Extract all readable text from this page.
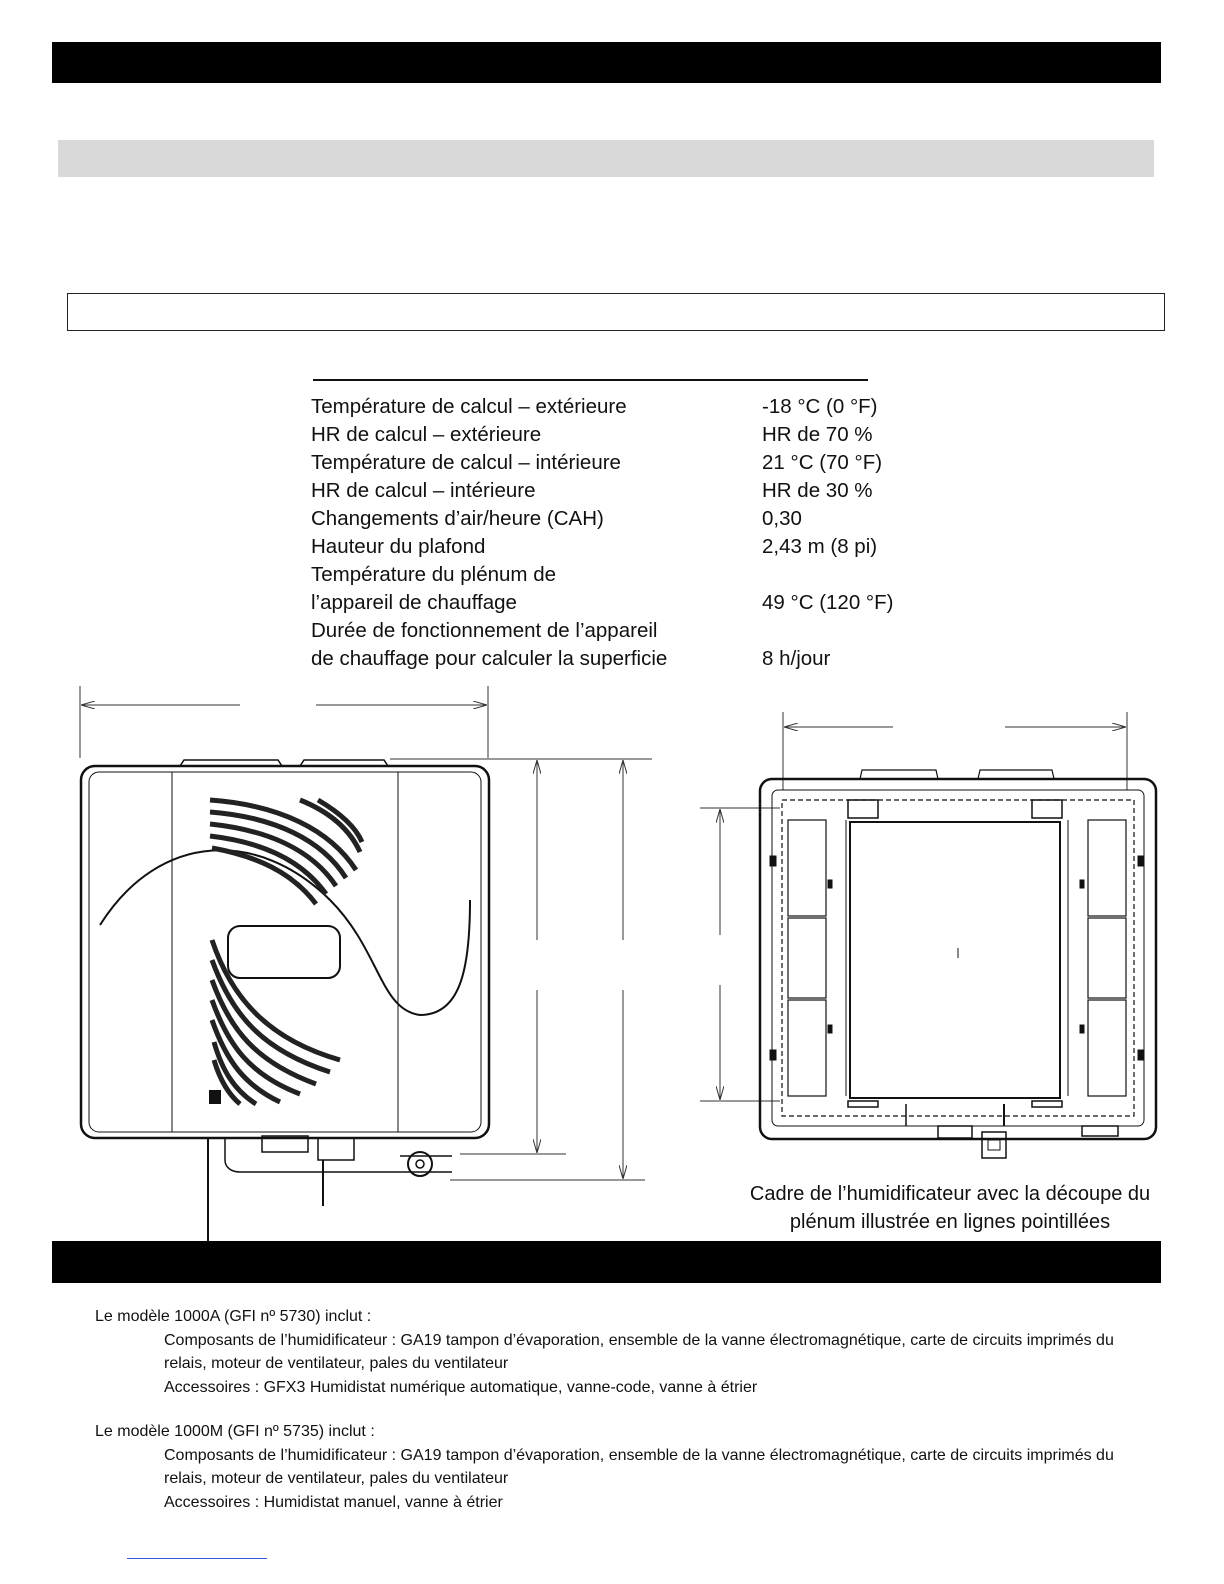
Température de calcul – extérieure	-18 °C (0 °F)
HR de calcul – extérieure	HR de 70 %
Température de calcul – intérieure	21 °C (70 °F)
HR de calcul – intérieure	HR de 30 %
Changements d’air/heure (CAH)	0,30
Hauteur du plafond	2,43 m (8 pi)
Température du plénum de
l’appareil de chauffage	49 °C (120 °F)
Durée de fonctionnement de l’appareil
de chauffage pour calculer la superficie	8 h/jour
Cadre de l’humidificateur avec la découpe du plénum illustrée en lignes pointillées
Le modèle 1000A (GFI nº 5730) inclut :
Composants de l’humidificateur : GA19 tampon d’évaporation, ensemble de la vanne électromagnétique, carte de circuits imprimés du relais, moteur de ventilateur, pales du ventilateur
Accessoires : GFX3 Humidistat numérique automatique, vanne-code, vanne à étrier
Le modèle 1000M (GFI nº 5735) inclut :
Composants de l’humidificateur : GA19 tampon d’évaporation, ensemble de la vanne électromagnétique, carte de circuits imprimés du relais, moteur de ventilateur, pales du ventilateur
Accessoires : Humidistat manuel, vanne à étrier
